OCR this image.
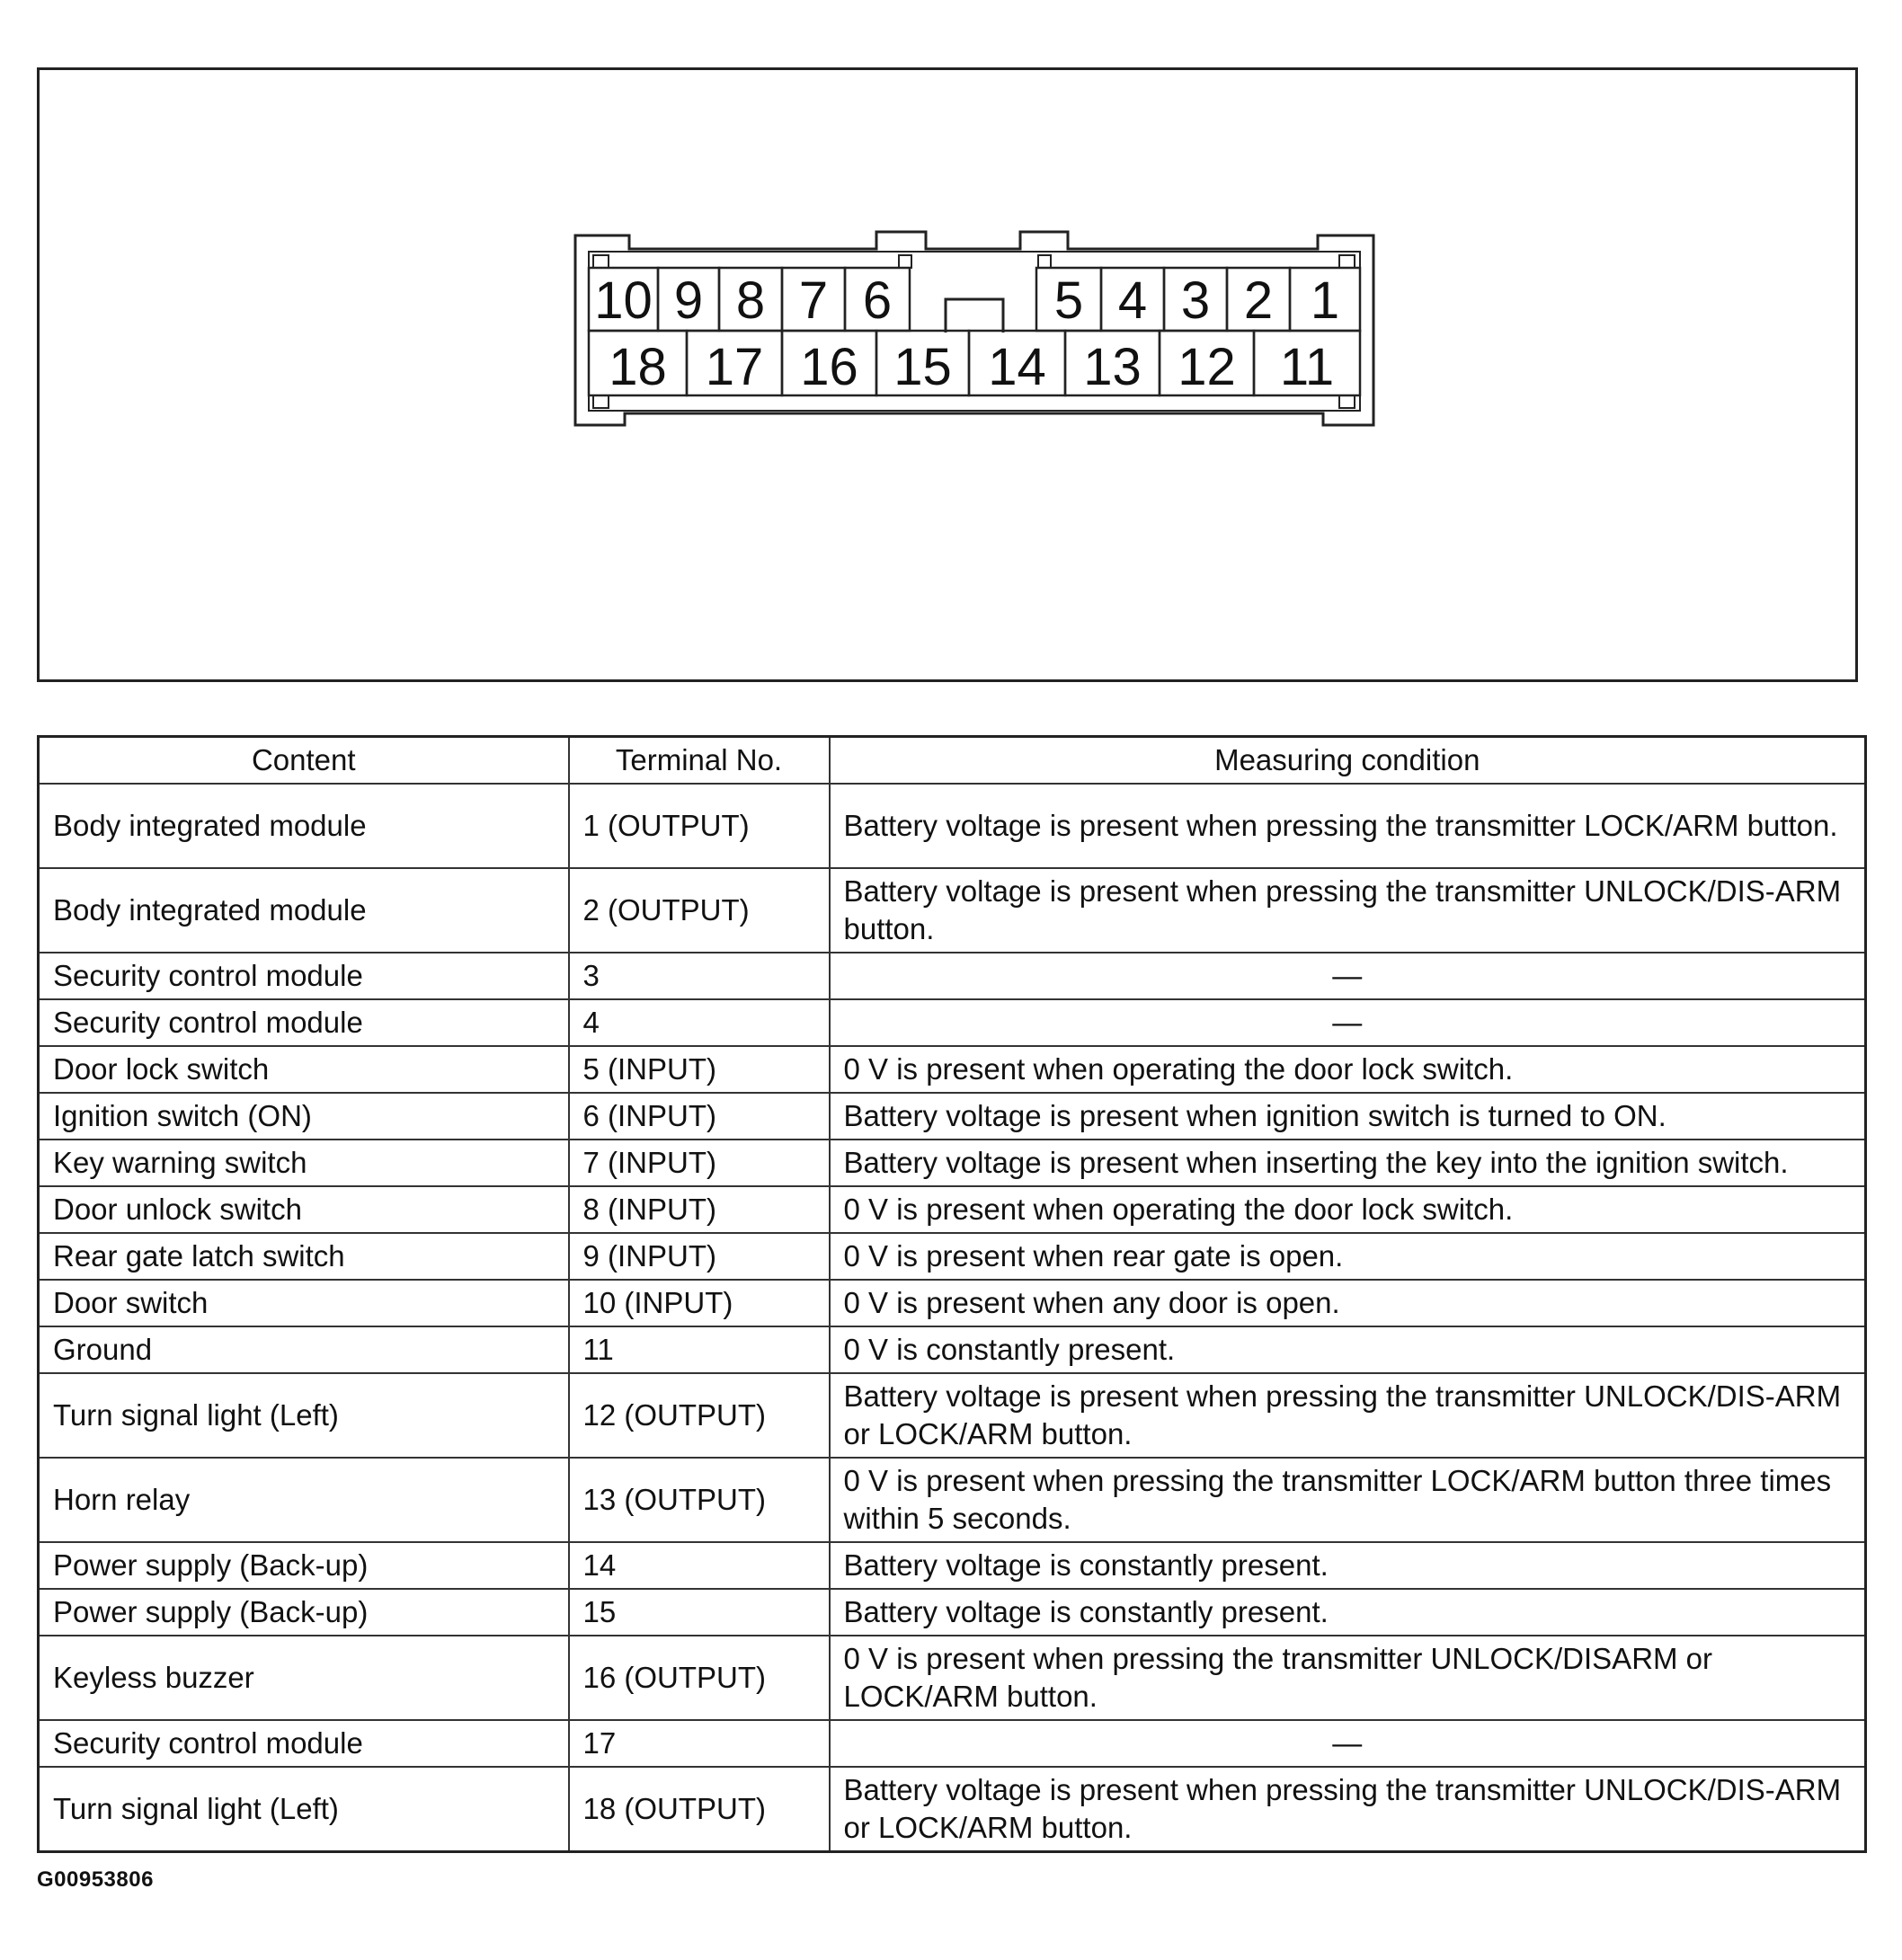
10 9 8 7 6	5 4 3 2 1
18 17 16 15 14 13 12 11
Content	Terminal No.	Measuring condition
Body integrated module	1 (OUTPUT)	Battery voltage is present when pressing the transmitter LOCK/ARM button.
Body integrated module	2 (OUTPUT)	Battery voltage is present when pressing the transmitter UNLOCK/DIS-ARM button.
Security control module	3	—
Security control module	4	—
Door lock switch	5 (INPUT)	0 V is present when operating the door lock switch.
Ignition switch (ON)	6 (INPUT)	Battery voltage is present when ignition switch is turned to ON.
Key warning switch	7 (INPUT)	Battery voltage is present when inserting the key into the ignition switch.
Door unlock switch	8 (INPUT)	0 V is present when operating the door lock switch.
Rear gate latch switch	9 (INPUT)	0 V is present when rear gate is open.
Door switch	10 (INPUT)	0 V is present when any door is open.
Ground	11	0 V is constantly present.
Turn signal light (Left)	12 (OUTPUT)	Battery voltage is present when pressing the transmitter UNLOCK/DIS-ARM or LOCK/ARM button.
Horn relay	13 (OUTPUT)	0 V is present when pressing the transmitter LOCK/ARM button three times within 5 seconds.
Power supply (Back-up)	14	Battery voltage is constantly present.
Power supply (Back-up)	15	Battery voltage is constantly present.
Keyless buzzer	16 (OUTPUT)	0 V is present when pressing the transmitter UNLOCK/DISARM or LOCK/ARM button.
Security control module	17	—
Turn signal light (Left)	18 (OUTPUT)	Battery voltage is present when pressing the transmitter UNLOCK/DIS-ARM or LOCK/ARM button.
G00953806
